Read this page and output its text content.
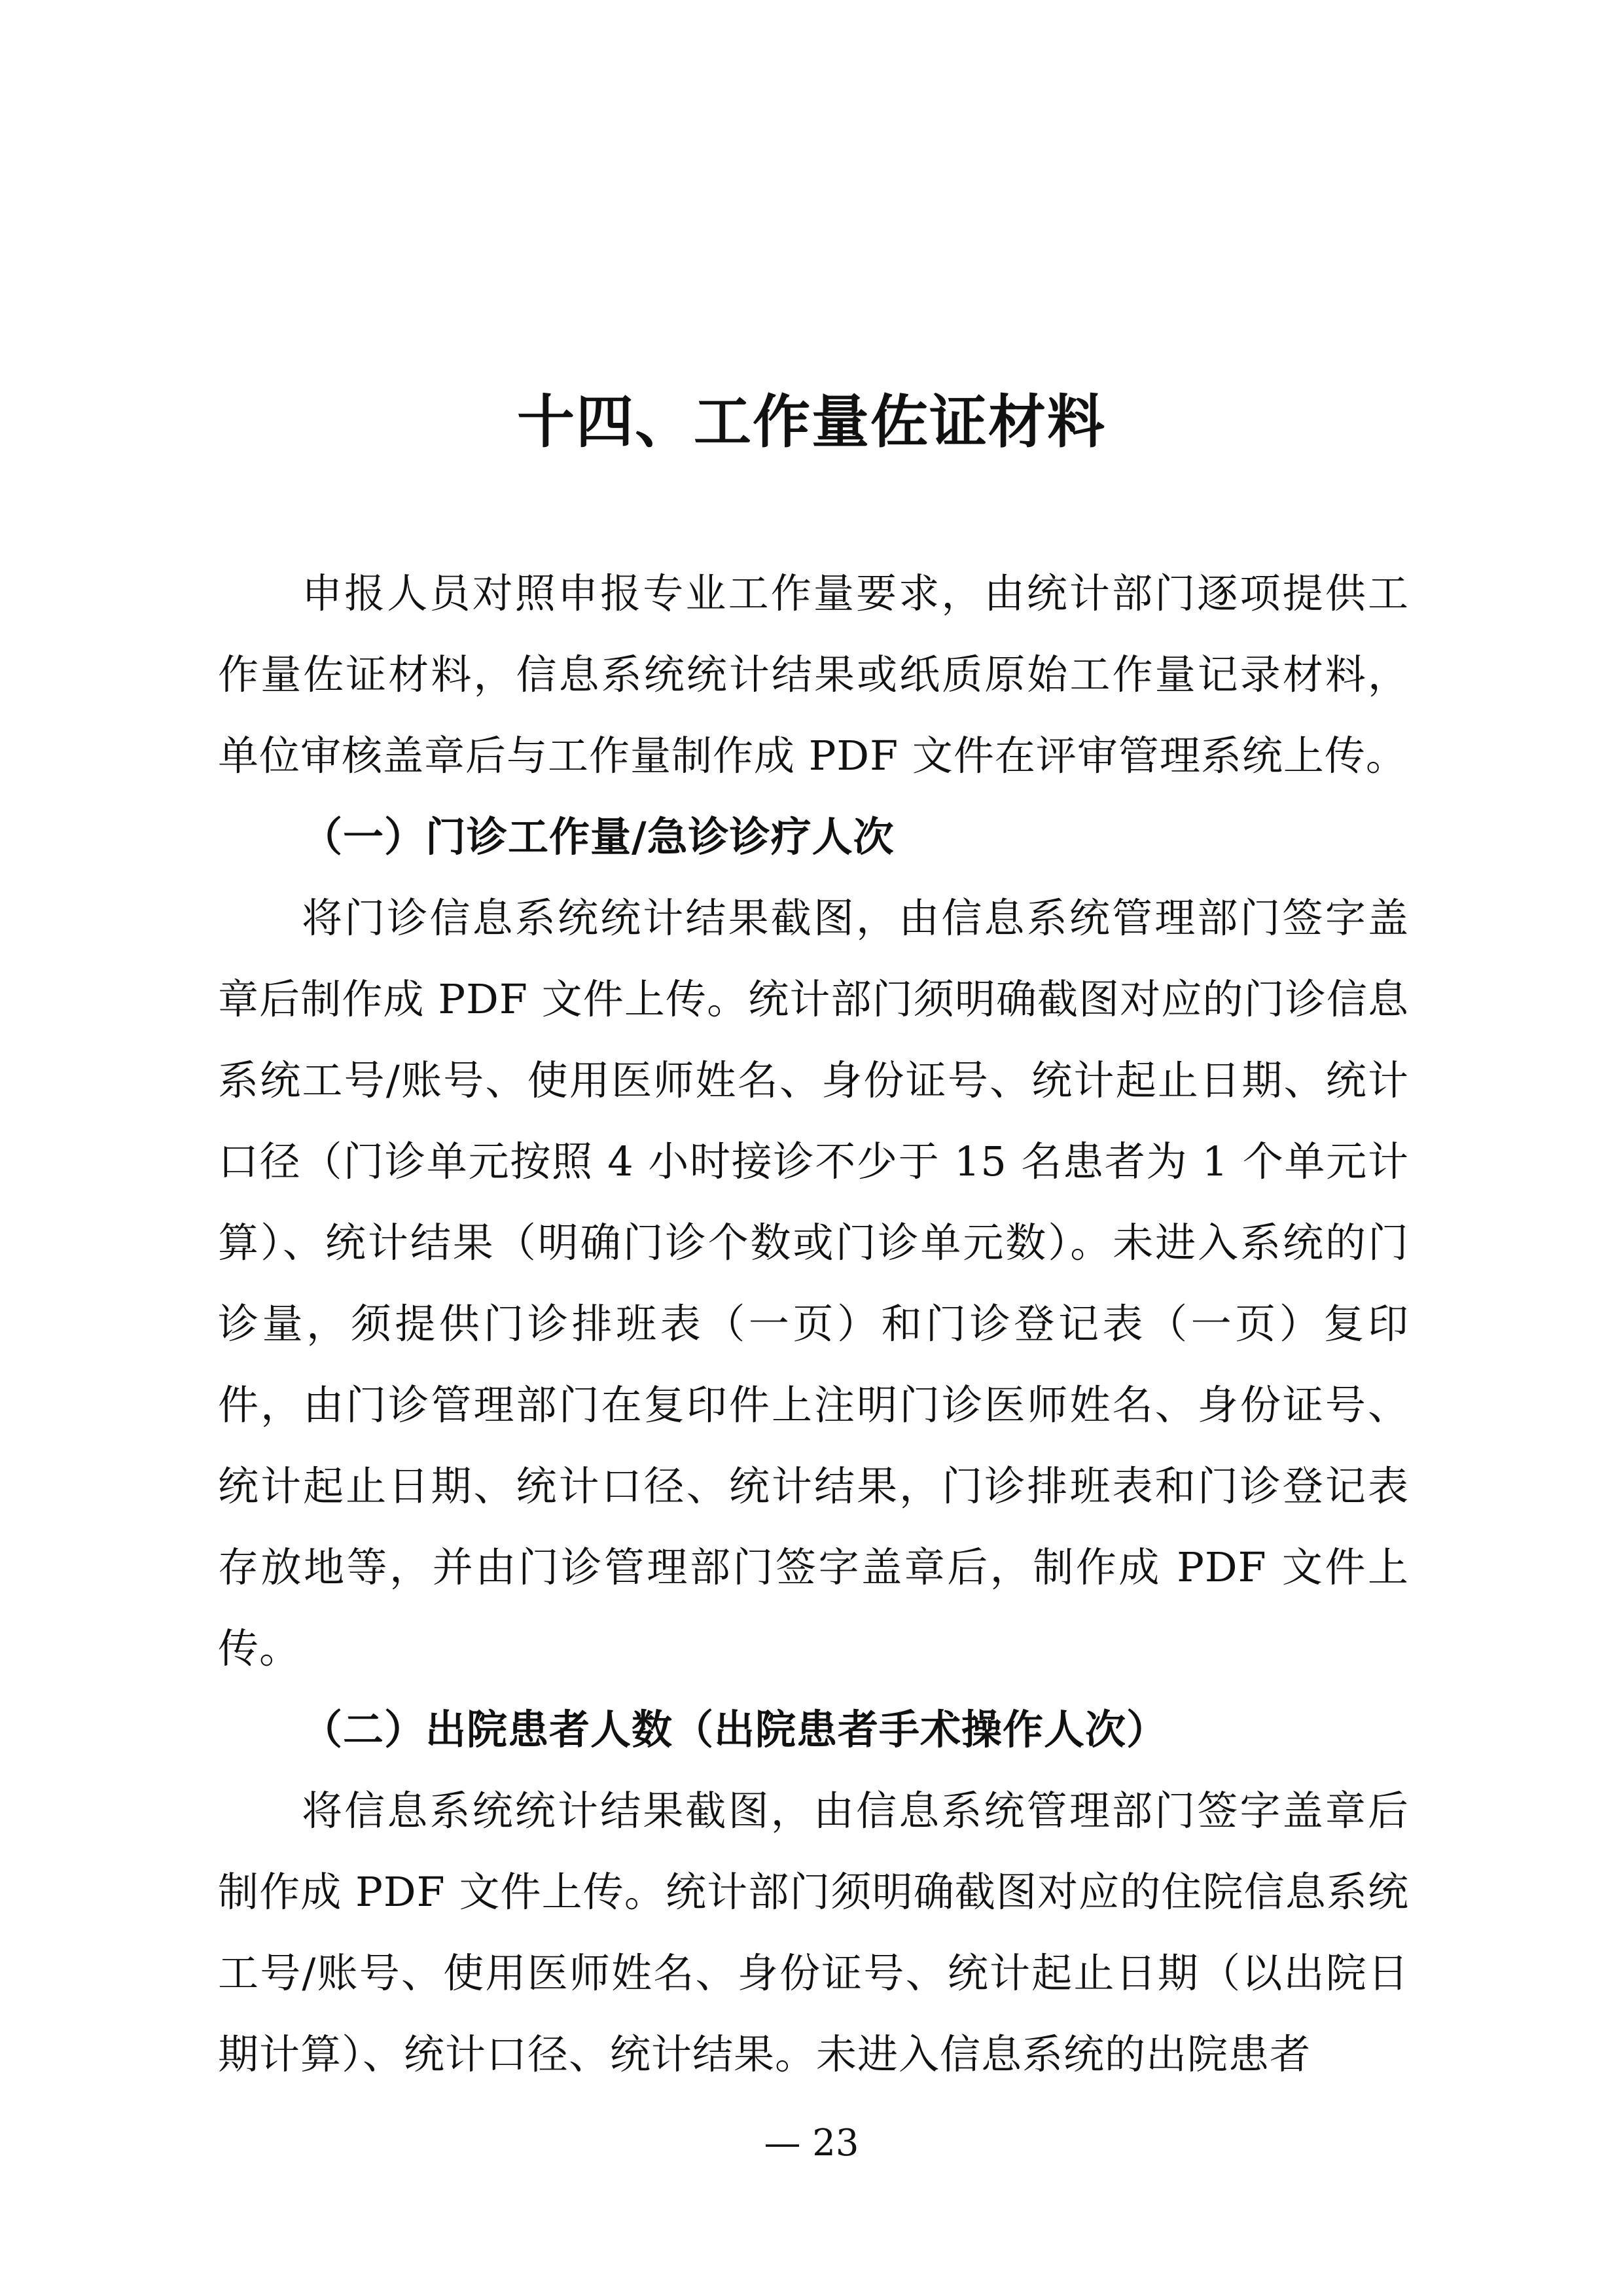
十四、工作量佐证材料

申报人员对照申报专业工作量要求，由统计部门逐项提供工作量佐证材料，信息系统统计结果或纸质原始工作量记录材料，单位审核盖章后与工作量制作成 PDF 文件在评审管理系统上传。

（一）门诊工作量/急诊诊疗人次

将门诊信息系统统计结果截图，由信息系统管理部门签字盖章后制作成 PDF 文件上传。统计部门须明确截图对应的门诊信息系统工号/账号、使用医师姓名、身份证号、统计起止日期、统计口径（门诊单元按照 4 小时接诊不少于 15 名患者为 1 个单元计算）、统计结果（明确门诊个数或门诊单元数）。未进入系统的门诊量，须提供门诊排班表（一页）和门诊登记表（一页）复印件，由门诊管理部门在复印件上注明门诊医师姓名、身份证号、统计起止日期、统计口径、统计结果，门诊排班表和门诊登记表存放地等，并由门诊管理部门签字盖章后，制作成 PDF 文件上传。

（二）出院患者人数（出院患者手术操作人次）

将信息系统统计结果截图，由信息系统管理部门签字盖章后制作成 PDF 文件上传。统计部门须明确截图对应的住院信息系统工号/账号、使用医师姓名、身份证号、统计起止日期（以出院日期计算）、统计口径、统计结果。未进入信息系统的出院患者

— 23
